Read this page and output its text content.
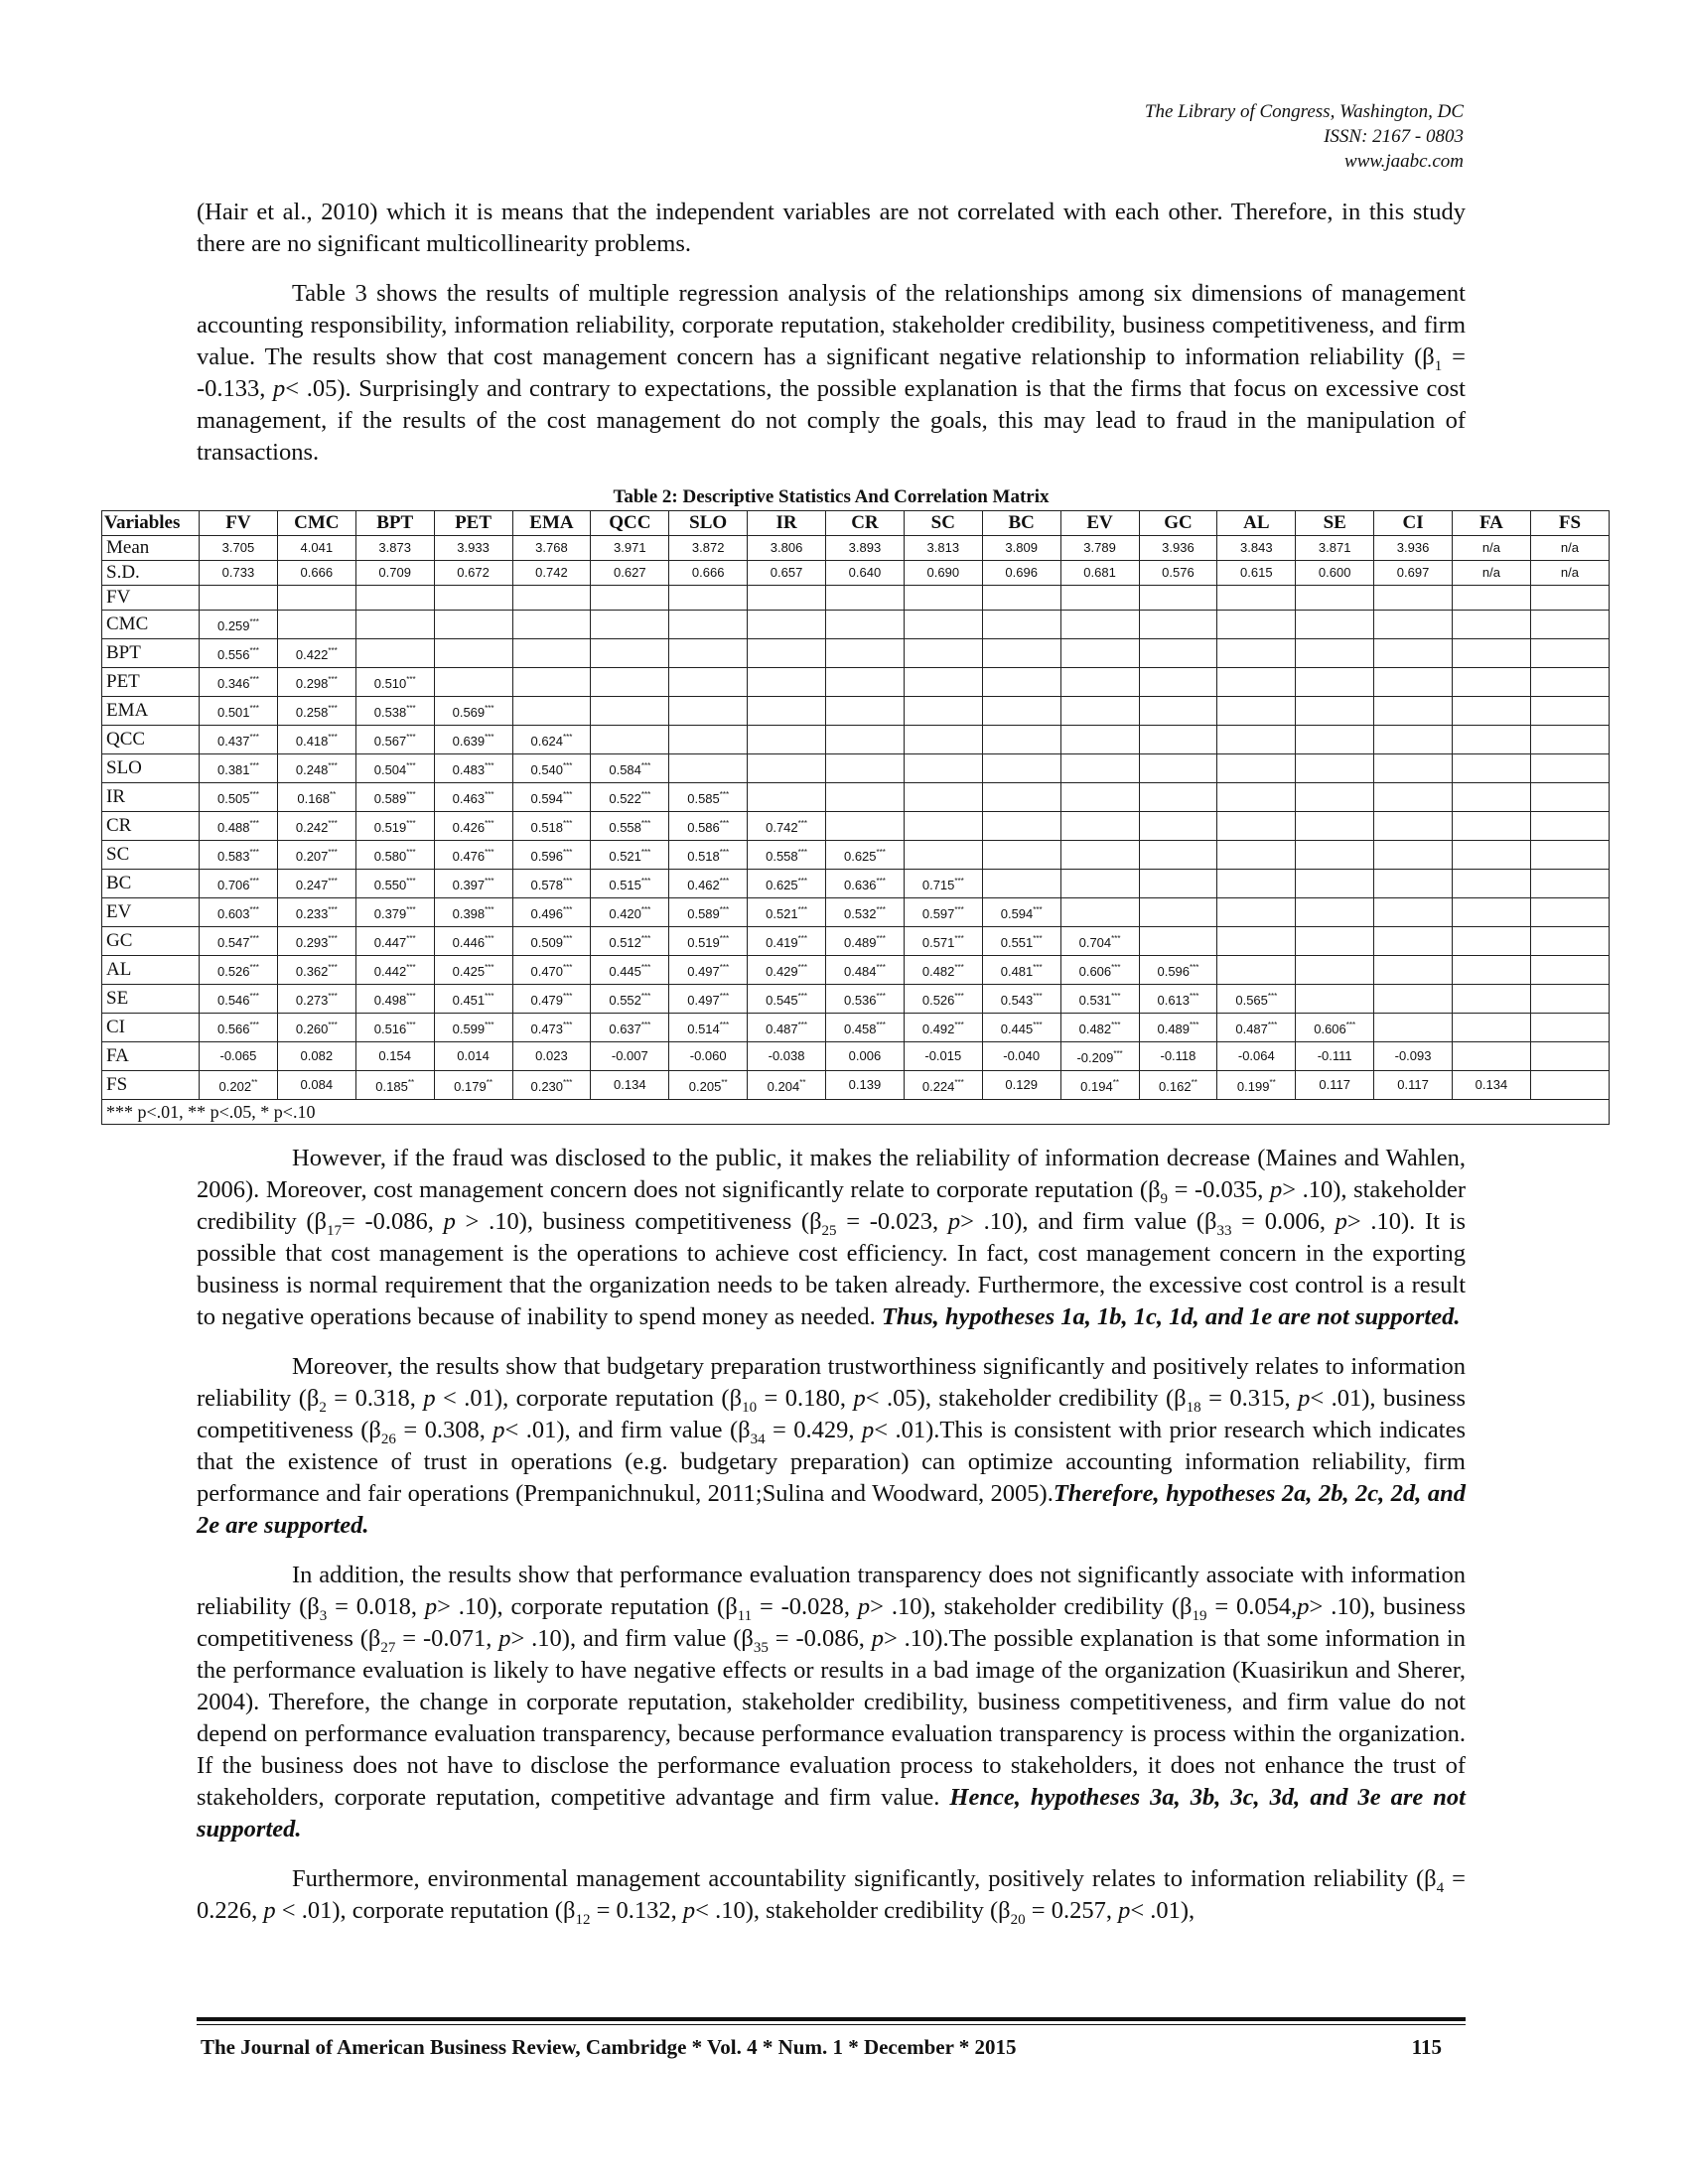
The Library of Congress, Washington, DC
ISSN: 2167 - 0803
www.jaabc.com

(Hair et al., 2010) which it is means that the independent variables are not correlated with each other. Therefore, in this study there are no significant multicollinearity problems.

Table 3 shows the results of multiple regression analysis of the relationships among six dimensions of management accounting responsibility, information reliability, corporate reputation, stakeholder credibility, business competitiveness, and firm value. The results show that cost management concern has a significant negative relationship to information reliability ($\beta_1 = -0.133$, p< .05). Surprisingly and contrary to expectations, the possible explanation is that the firms that focus on excessive cost management, if the results of the cost management do not comply the goals, this may lead to fraud in the manipulation of transactions.

Table 2: Descriptive Statistics And Correlation Matrix
Variables	FV	CMC	BPT	PET	EMA	QCC	SLO	IR	CR	SC	BC	EV	GC	AL	SE	CI	FA	FS
Mean	3.705	4.041	3.873	3.933	3.768	3.971	3.872	3.806	3.893	3.813	3.809	3.789	3.936	3.843	3.871	3.936	n/a	n/a
S.D.	0.733	0.666	0.709	0.672	0.742	0.627	0.666	0.657	0.640	0.690	0.696	0.681	0.576	0.615	0.600	0.697	n/a	n/a
FV																		
CMC	0.259***																	
BPT	0.556***	0.422***																
PET	0.346***	0.298***	0.510***															
EMA	0.501***	0.258***	0.538***	0.569***														
QCC	0.437***	0.418***	0.567***	0.639***	0.624***													
SLO	0.381***	0.248***	0.504***	0.483***	0.540***	0.584***												
IR	0.505***	0.168**	0.589***	0.463***	0.594***	0.522***	0.585***											
CR	0.488***	0.242***	0.519***	0.426***	0.518***	0.558***	0.586***	0.742***										
SC	0.583***	0.207***	0.580***	0.476***	0.596***	0.521***	0.518***	0.558***	0.625***									
BC	0.706***	0.247***	0.550***	0.397***	0.578***	0.515***	0.462***	0.625***	0.636***	0.715***								
EV	0.603***	0.233***	0.379***	0.398***	0.496***	0.420***	0.589***	0.521***	0.532***	0.597***	0.594***							
GC	0.547***	0.293***	0.447***	0.446***	0.509***	0.512***	0.519***	0.419***	0.489***	0.571***	0.551***	0.704***						
AL	0.526***	0.362***	0.442***	0.425***	0.470***	0.445***	0.497***	0.429***	0.484***	0.482***	0.481***	0.606***	0.596***					
SE	0.546***	0.273***	0.498***	0.451***	0.479***	0.552***	0.497***	0.545***	0.536***	0.526***	0.543***	0.531***	0.613***	0.565***				
CI	0.566***	0.260***	0.516***	0.599***	0.473***	0.637***	0.514***	0.487***	0.458***	0.492***	0.445***	0.482***	0.489***	0.487***	0.606***			
FA	-0.065	0.082	0.154	0.014	0.023	-0.007	-0.060	-0.038	0.006	-0.015	-0.040	-0.209***	-0.118	-0.064	-0.111	-0.093		
FS	0.202**	0.084	0.185**	0.179**	0.230***	0.134	0.205**	0.204**	0.139	0.224***	0.129	0.194**	0.162**	0.199**	0.117	0.117	0.134	
*** p<.01, ** p<.05, * p<.10																		

However, if the fraud was disclosed to the public, it makes the reliability of information decrease (Maines and Wahlen, 2006). Moreover, cost management concern does not significantly relate to corporate reputation ($\beta_9 = -0.035$, p> .10), stakeholder credibility ($\beta_{17}= -0.086$, p > .10), business competitiveness ($\beta_{25} = -0.023$, p> .10), and firm value ($\beta_{33} = 0.006$, p> .10). It is possible that cost management is the operations to achieve cost efficiency. In fact, cost management concern in the exporting business is normal requirement that the organization needs to be taken already. Furthermore, the excessive cost control is a result to negative operations because of inability to spend money as needed. Thus, hypotheses 1a, 1b, 1c, 1d, and 1e are not supported.

Moreover, the results show that budgetary preparation trustworthiness significantly and positively relates to information reliability ($\beta_2 = 0.318$, p < .01), corporate reputation ($\beta_{10} = 0.180$, p< .05), stakeholder credibility ($\beta_{18} = 0.315$, p< .01), business competitiveness ($\beta_{26} = 0.308$, p< .01), and firm value ($\beta_{34} = 0.429$, p< .01).This is consistent with prior research which indicates that the existence of trust in operations (e.g. budgetary preparation) can optimize accounting information reliability, firm performance and fair operations (Prempanichnukul, 2011;Sulina and Woodward, 2005).Therefore, hypotheses 2a, 2b, 2c, 2d, and 2e are supported.

In addition, the results show that performance evaluation transparency does not significantly associate with information reliability ($\beta_3 = 0.018$, p> .10), corporate reputation ($\beta_{11} = -0.028$, p> .10), stakeholder credibility $(\beta_{19} = 0.054,p> .10)$, business competitiveness ($\beta_{27} = -0.071$, p> .10), and firm value ($\beta_{35} = -0.086$, p> .10).The possible explanation is that some information in the performance evaluation is likely to have negative effects or results in a bad image of the organization (Kuasirikun and Sherer, 2004). Therefore, the change in corporate reputation, stakeholder credibility, business competitiveness, and firm value do not depend on performance evaluation transparency, because performance evaluation transparency is process within the organization. If the business does not have to disclose the performance evaluation process to stakeholders, it does not enhance the trust of stakeholders, corporate reputation, competitive advantage and firm value. Hence, hypotheses 3a, 3b, 3c, 3d, and 3e are not supported.

Furthermore, environmental management accountability significantly, positively relates to information reliability ($\beta_4 = 0.226$, p < .01), corporate reputation ($\beta_{12} = 0.132$, p< .10), stakeholder credibility ($\beta_{20} = 0.257$, p< .01),

The Journal of American Business Review, Cambridge * Vol. 4 * Num. 1 * December * 2015	115
